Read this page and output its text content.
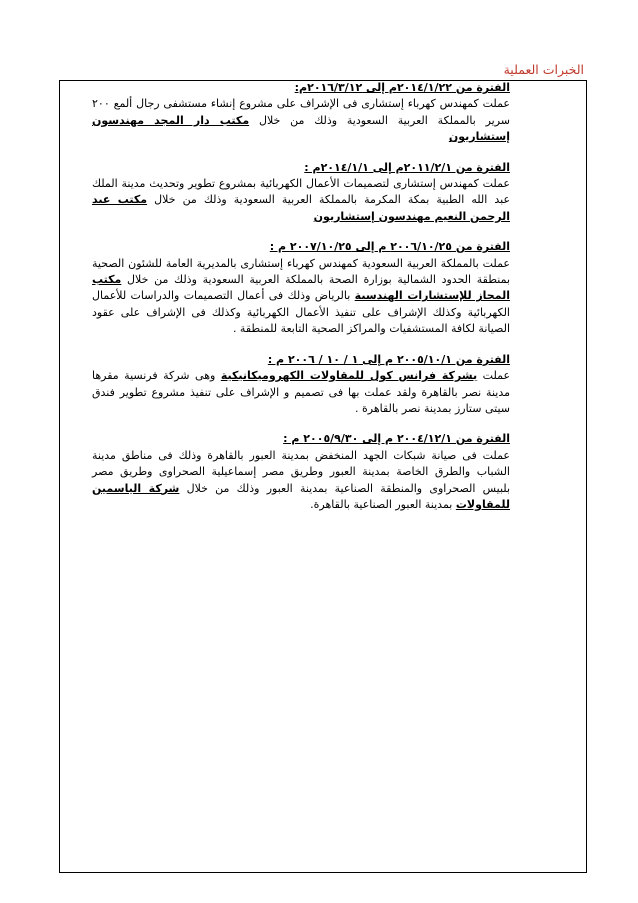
الخبرات العملية

الفترة من ٢٠١٤/١/٢٢م إلى ٢٠١٦/٣/١٢م:

عملت كمهندس كهرباء إستشارى فى الإشراف على مشروع إنشاء مستشفى رجال ألمع ٢٠٠ سرير بالمملكة العربية السعودية وذلك من خلال مكتب دار المجد مهندسون إستشاريون

الفترة من ٢٠١١/٢/١م إلى ٢٠١٤/١/١م :

عملت كمهندس إستشارى لتصميمات الأعمال الكهربائية بمشروع تطوير وتحديث مدينة الملك عبد الله الطبية بمكة المكرمة بالمملكة العربية السعودية وذلك من خلال مكتب عبد الرحمن النعيم مهندسون إستشاريون

الفترة من ٢٠٠٦/١٠/٢٥ م إلى ٢٠٠٧/١٠/٢٥ م :

عملت بالمملكة العربية السعودية كمهندس كهرباء إستشارى بالمديرية العامة للشئون الصحية بمنطقة الحدود الشمالية بوزارة الصحة بالمملكة العربية السعودية وذلك من خلال مكتب المجاز للإستشارات الهندسية بالرياض وذلك فى أعمال التصميمات والدراسات للأعمال الكهربائية وكذلك الإشراف على تنفيذ الأعمال الكهربائية وكذلك فى الإشراف على عقود الصيانة لكافة المستشفيات والمراكز الصحية التابعة للمنطقة .

الفترة من ٢٠٠٥/١٠/١ م إلى ١ / ١٠ / ٢٠٠٦ م :

عملت بشركة فرانس كول للمقاولات الكهروميكانيكية وهى شركة فرنسية مقرها مدينة نصر بالقاهرة ولقد عملت بها فى تصميم و الإشراف على تنفيذ مشروع تطوير فندق سيتى ستارز بمدينة نصر بالقاهرة .

الفترة من ٢٠٠٤/١٢/١ م إلى ٢٠٠٥/٩/٣٠ م :

عملت فى صيانة شبكات الجهد المنخفض بمدينة العبور بالقاهرة وذلك فى مناطق مدينة الشباب والطرق الخاصة بمدينة العبور وطريق مصر إسماعيلية الصحراوى وطريق مصر بلبيس الصحراوى والمنطقة الصناعية بمدينة العبور وذلك من خلال شركة الياسمين للمقاولات بمدينة العبور الصناعية بالقاهرة.
